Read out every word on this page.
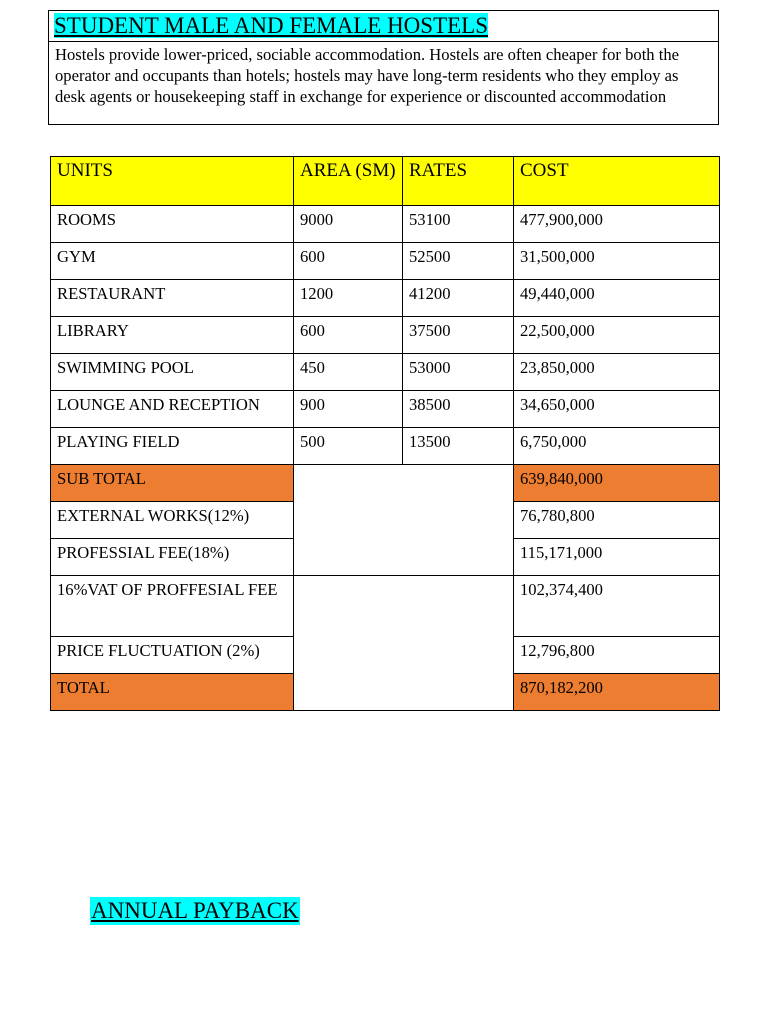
STUDENT MALE AND FEMALE HOSTELS
Hostels provide lower-priced, sociable accommodation. Hostels are often cheaper for both the operator and occupants than hotels; hostels may have long-term residents who they employ as desk agents or housekeeping staff in exchange for experience or discounted accommodation
UNITS	AREA (SM)	RATES	COST
ROOMS	9000	53100	477,900,000
GYM	600	52500	31,500,000
RESTAURANT	1200	41200	49,440,000
LIBRARY	600	37500	22,500,000
SWIMMING POOL	450	53000	23,850,000
LOUNGE AND RECEPTION	900	38500	34,650,000
PLAYING FIELD	500	13500	6,750,000
SUB TOTAL			639,840,000
EXTERNAL WORKS(12%)			76,780,800
PROFESSIAL FEE(18%)			115,171,000
16%VAT OF PROFFESIAL FEE			102,374,400
PRICE FLUCTUATION (2%)			12,796,800
TOTAL			870,182,200
ANNUAL PAYBACK
